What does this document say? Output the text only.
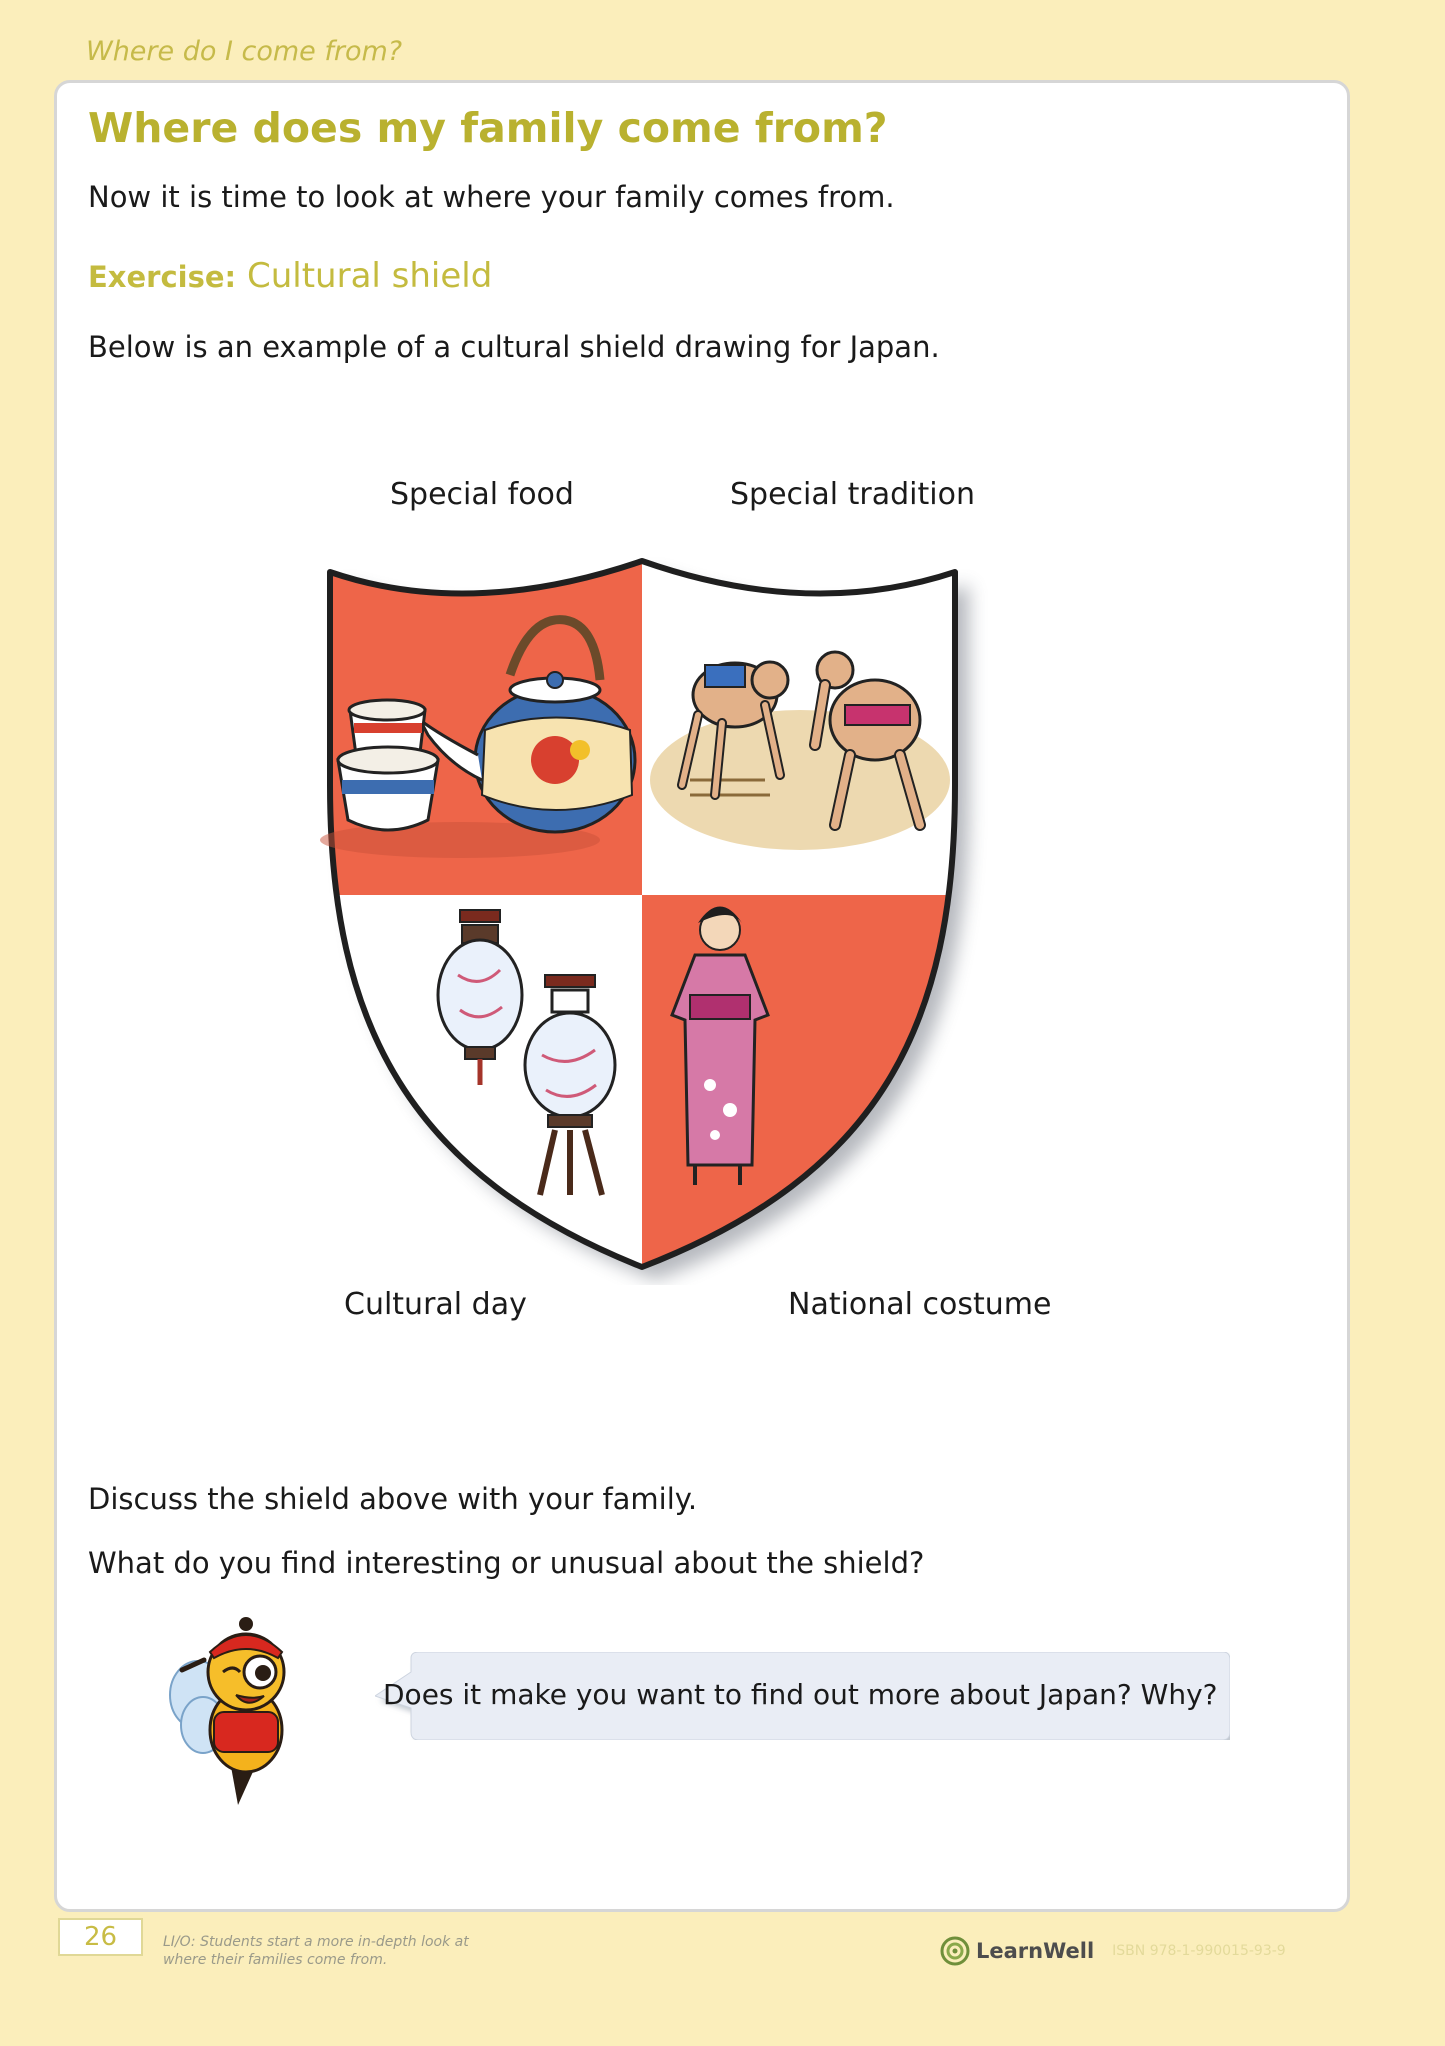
Where do I come from?
Where does my family come from?
Now it is time to look at where your family comes from.
Exercise: Cultural shield
Below is an example of a cultural shield drawing for Japan.
Special food	Special tradition
Cultural day	National costume
Discuss the shield above with your family.
What do you find interesting or unusual about the shield?
Does it make you want to find out more about Japan? Why?
26	LI/O: Students start a more in-depth look at
where their families come from.	LearnWell ISBN 978-1-990015-93-9
